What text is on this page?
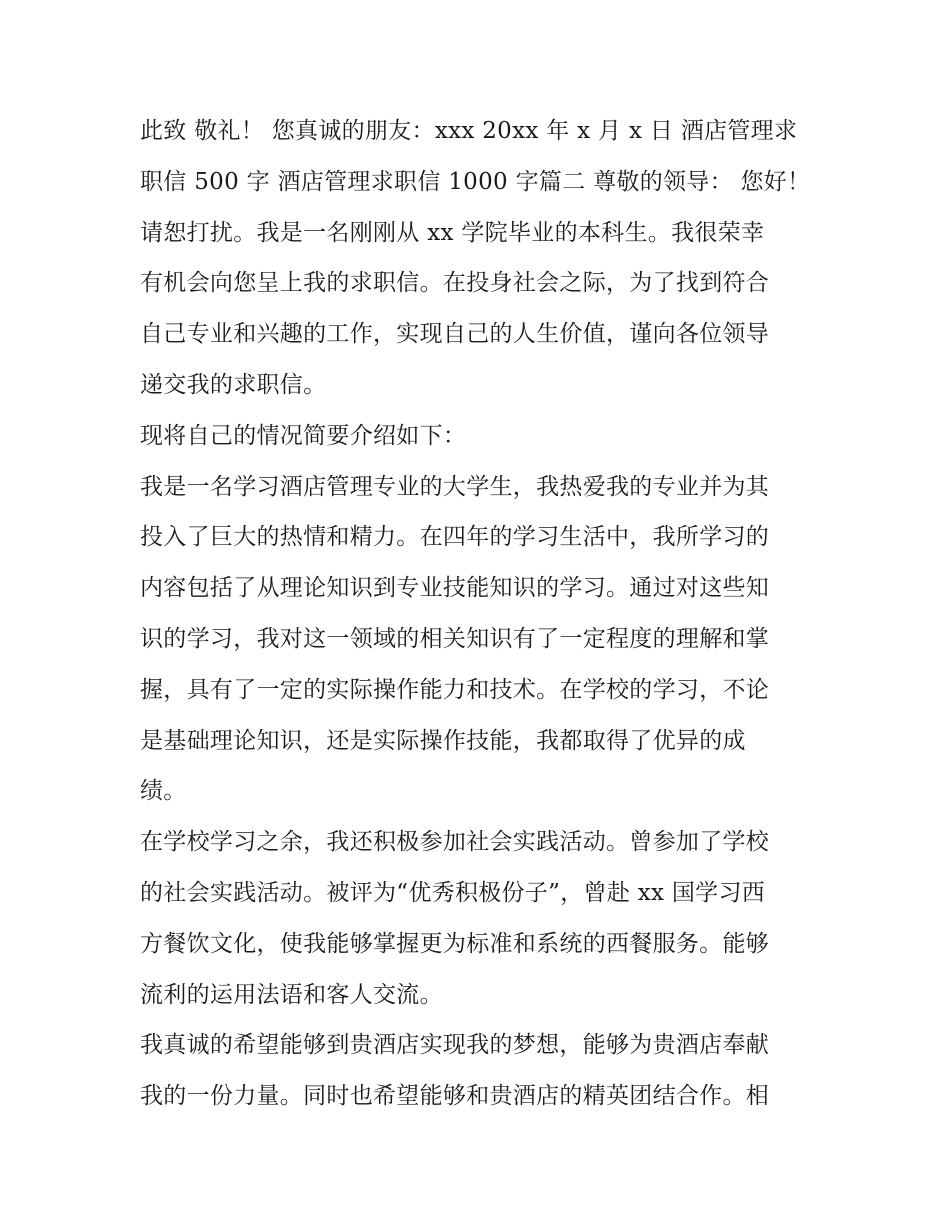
此致 敬礼！ 您真诚的朋友：xxx 20xx 年 x 月 x 日 酒店管理求
职信 500 字 酒店管理求职信 1000 字篇二 尊敬的领导： 您好！
请恕打扰。我是一名刚刚从 xx 学院毕业的本科生。我很荣幸
有机会向您呈上我的求职信。在投身社会之际，为了找到符合
自己专业和兴趣的工作，实现自己的人生价值，谨向各位领导
递交我的求职信。
现将自己的情况简要介绍如下：
我是一名学习酒店管理专业的大学生，我热爱我的专业并为其
投入了巨大的热情和精力。在四年的学习生活中，我所学习的
内容包括了从理论知识到专业技能知识的学习。通过对这些知
识的学习，我对这一领域的相关知识有了一定程度的理解和掌
握，具有了一定的实际操作能力和技术。在学校的学习，不论
是基础理论知识，还是实际操作技能，我都取得了优异的成
绩。
在学校学习之余，我还积极参加社会实践活动。曾参加了学校
的社会实践活动。被评为“优秀积极份子”，曾赴 xx 国学习西
方餐饮文化，使我能够掌握更为标准和系统的西餐服务。能够
流利的运用法语和客人交流。
我真诚的希望能够到贵酒店实现我的梦想，能够为贵酒店奉献
我的一份力量。同时也希望能够和贵酒店的精英团结合作。相
